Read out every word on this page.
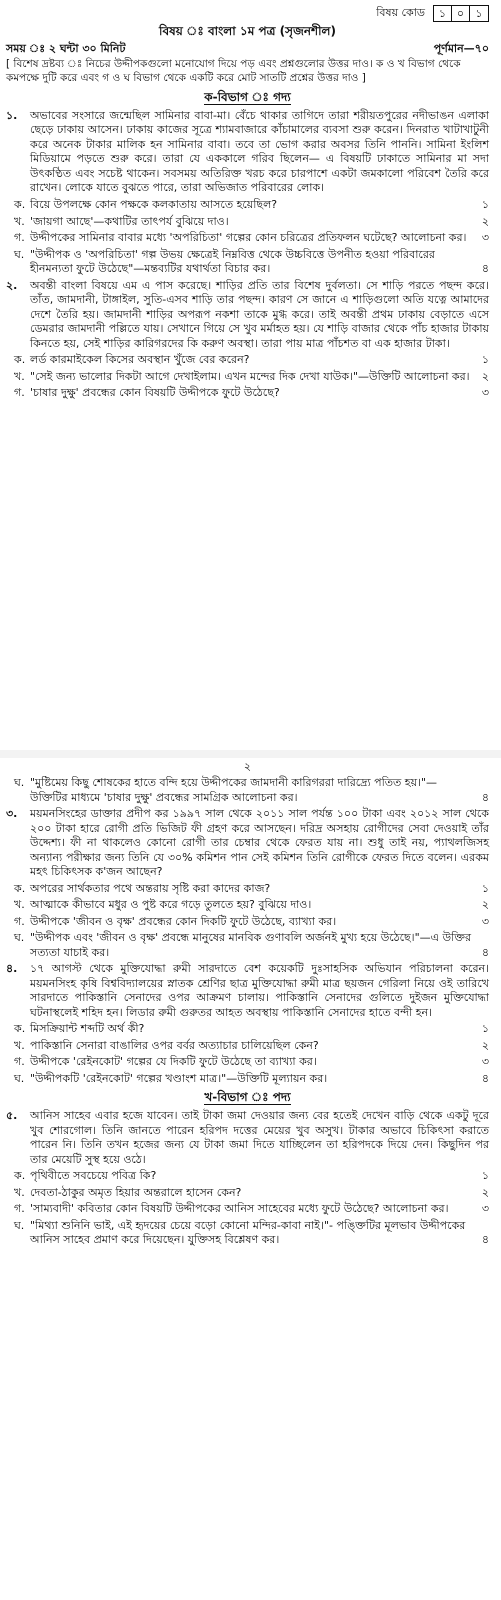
বিষয় কোড	১ ০	১
বিষয় ঃ বাংলা ১ম পত্র (সৃজনশীল)
সময় ঃ ২ ঘন্টা ৩০ মিনিট	পূর্ণমান—৭০
[ বিশেষ দ্রষ্টব্য ঃ নিচের উদ্দীপকগুলো মনোযোগ দিয়ে পড় এবং প্রশ্নগুলোর উত্তর দাও। ক ও খ বিভাগ থেকে কমপক্ষে দুটি করে এবং গ ও ঘ বিভাগ থেকে একটি করে মোট সাতটি প্রশ্নের উত্তর দাও ]
ক-বিভাগ ঃ গদ্য
১.	অভাবের সংসারে জন্মেছিল সামিনার বাবা-মা। বেঁচে থাকার তাগিদে তারা শরীয়তপুরের নদীভাঙন এলাকা ছেড়ে ঢাকায় আসেন। ঢাকায় কাজের সূত্রে শ্যামবাজারে কাঁচামালের ব্যবসা শুরু করেন। দিনরাত খাটাখাটুনী করে অনেক টাকার মালিক হন সামিনার বাবা। তবে তা ভোগ করার অবসর তিনি পাননি। সামিনা ইংলিশ মিডিয়ামে পড়তে শুরু করে। তারা যে এককালে গরিব ছিলেন— এ বিষয়টি ঢাকাতে সামিনার মা সদা উৎকণ্ঠিত এবং সচেষ্ট থাকেন। সবসময় অতিরিক্ত খরচ করে চারপাশে একটা জমকালো পরিবেশ তৈরি করে রাখেন। লোকে যাতে বুঝতে পারে, তারা অভিজাত পরিবারের লোক।
ক. বিয়ে উপলক্ষে কোন পক্ষকে কলকাতায় আসতে হয়েছিল?	১
খ. 'জায়গা আছে'—কথাটির তাৎপর্য বুঝিয়ে দাও।	২
গ. উদ্দীপকের সামিনার বাবার মধ্যে 'অপরিচিতা' গল্পের কোন চরিত্রের প্রতিফলন ঘটেছে? আলোচনা কর।	৩
ঘ. "উদ্দীপক ও 'অপরিচিতা' গল্প উভয় ক্ষেত্রেই নিম্নবিত্ত থেকে উচ্চবিত্তে উপনীত হওয়া পরিবারের হীনমন্যতা ফুটে উঠেছে"—মন্তব্যটির যথার্থতা বিচার কর।	৪
২.	অবন্তী বাংলা বিষয়ে এম এ পাস করেছে। শাড়ির প্রতি তার বিশেষ দুর্বলতা। সে শাড়ি পরতে পছন্দ করে। তাঁত, জামদানী, টাঙ্গাইল, সুতি-এসব শাড়ি তার পছন্দ। কারণ সে জানে এ শাড়িগুলো অতি যত্নে আমাদের দেশে তৈরি হয়। জামদানী শাড়ির অপরূপ নকশা তাকে মুগ্ধ করে। তাই অবন্তী প্রথম ঢাকায় বেড়াতে এসে ডেমরার জামদানী পল্লিতে যায়। সেখানে গিয়ে সে খুব মর্মাহত হয়। যে শাড়ি বাজার থেকে পাঁচ হাজার টাকায় কিনতে হয়, সেই শাড়ির কারিগরদের কি করুণ অবস্থা। তারা পায় মাত্র পাঁচশত বা এক হাজার টাকা।
ক. লর্ড কারমাইকেল কিসের অবস্থান খুঁজে বের করেন?	১
খ. "সেই জন্য ভালোর দিকটা আগে দেখাইলাম। এখন মন্দের দিক দেখা যাউক।"—উক্তিটি আলোচনা কর।	২
গ. 'চাষার দুক্ষু' প্রবন্ধের কোন বিষয়টি উদ্দীপকে ফুটে উঠেছে?	৩
২
ঘ. "মুষ্টিমেয় কিছু শোষকের হাতে বন্দি হয়ে উদ্দীপকের জামদানী কারিগররা দারিদ্র্যে পতিত হয়।"—উক্তিটির মাধ্যমে 'চাষার দুক্ষু' প্রবন্ধের সামগ্রিক আলোচনা কর।	৪
৩.	ময়মনসিংহের ডাক্তার প্রদীপ কর ১৯৯৭ সাল থেকে ২০১১ সাল পর্যন্ত ১০০ টাকা এবং ২০১২ সাল থেকে ২০০ টাকা হারে রোগী প্রতি ভিজিট ফী গ্রহণ করে আসছেন। দরিদ্র অসহায় রোগীদের সেবা দেওয়াই তাঁর উদ্দেশ্য। ফী না থাকলেও কোনো রোগী তার চেম্বার থেকে ফেরত যায় না। শুধু তাই নয়, প্যাথলজিসহ অন্যান্য পরীক্ষার জন্য তিনি যে ৩০% কমিশন পান সেই কমিশন তিনি রোগীকে ফেরত দিতে বলেন। এরকম মহৎ চিকিৎসক ক'জন আছেন?
ক. অপরের সার্থকতার পথে অন্তরায় সৃষ্টি করা কাদের কাজ?	১
খ. আত্মাকে কীভাবে মধুর ও পুষ্ট করে গড়ে তুলতে হয়? বুঝিয়ে দাও।	২
গ. উদ্দীপকে 'জীবন ও বৃক্ষ' প্রবন্ধের কোন দিকটি ফুটে উঠেছে, ব্যাখ্যা কর।	৩
ঘ. "উদ্দীপক এবং 'জীবন ও বৃক্ষ' প্রবন্ধে মানুষের মানবিক গুণাবলি অর্জনই মুখ্য হয়ে উঠেছে।"—এ উক্তির সত্যতা যাচাই কর।	৪
৪.	১৭ আগস্ট থেকে মুক্তিযোদ্ধা রুমী সারদাতে বেশ কয়েকটি দুঃসাহসিক অভিযান পরিচালনা করেন। ময়মনসিংহ কৃষি বিশ্ববিদ্যালয়ের স্নাতক শ্রেণির ছাত্র মুক্তিযোদ্ধা রুমী মাত্র ছয়জন গেরিলা নিয়ে ওই তারিখে সারদাতে পাকিস্তানি সেনাদের ওপর আক্রমণ চালায়। পাকিস্তানি সেনাদের গুলিতে দুইজন মুক্তিযোদ্ধা ঘটনাস্থলেই শহিদ হন। লিডার রুমী গুরুতর আহত অবস্থায় পাকিস্তানি সেনাদের হাতে বন্দী হন।
ক. মিসক্রিয়ান্ট শব্দটি অর্থ কী?	১
খ. পাকিস্তানি সেনারা বাঙালির ওপর বর্বর অত্যাচার চালিয়েছিল কেন?	২
গ. উদ্দীপকে 'রেইনকোট' গল্পের যে দিকটি ফুটে উঠেছে তা ব্যাখ্যা কর।	৩
ঘ. "উদ্দীপকটি 'রেইনকোট' গল্পের খণ্ডাংশ মাত্র।"—উক্তিটি মূল্যায়ন কর।	৪
খ-বিভাগ ঃ পদ্য
৫.	আনিস সাহেব এবার হজে যাবেন। তাই টাকা জমা দেওয়ার জন্য বের হতেই দেখেন বাড়ি থেকে একটু দূরে খুব শোরগোল। তিনি জানতে পারেন হরিপদ দত্তের মেয়ের খুব অসুখ। টাকার অভাবে চিকিৎসা করাতে পারেন নি। তিনি তখন হজের জন্য যে টাকা জমা দিতে যাচ্ছিলেন তা হরিপদকে দিয়ে দেন। কিছুদিন পর তার মেয়েটি সুস্থ হয়ে ওঠে।
ক. পৃথিবীতে সবচেয়ে পবিত্র কি?	১
খ. দেবতা-ঠাকুর অমৃত হিয়ার অন্তরালে হাসেন কেন?	২
গ. 'সাম্যবাদী' কবিতার কোন বিষয়টি উদ্দীপকের আনিস সাহেবের মধ্যে ফুটে উঠেছে? আলোচনা কর।	৩
ঘ. "মিথ্যা শুনিনি ভাই, এই হৃদয়ের চেয়ে বড়ো কোনো মন্দির-কাবা নাই।"- পঙ্ক্তিটির মূলভাব উদ্দীপকের আনিস সাহেব প্রমাণ করে দিয়েছেন। যুক্তিসহ বিশ্লেষণ কর।	৪
